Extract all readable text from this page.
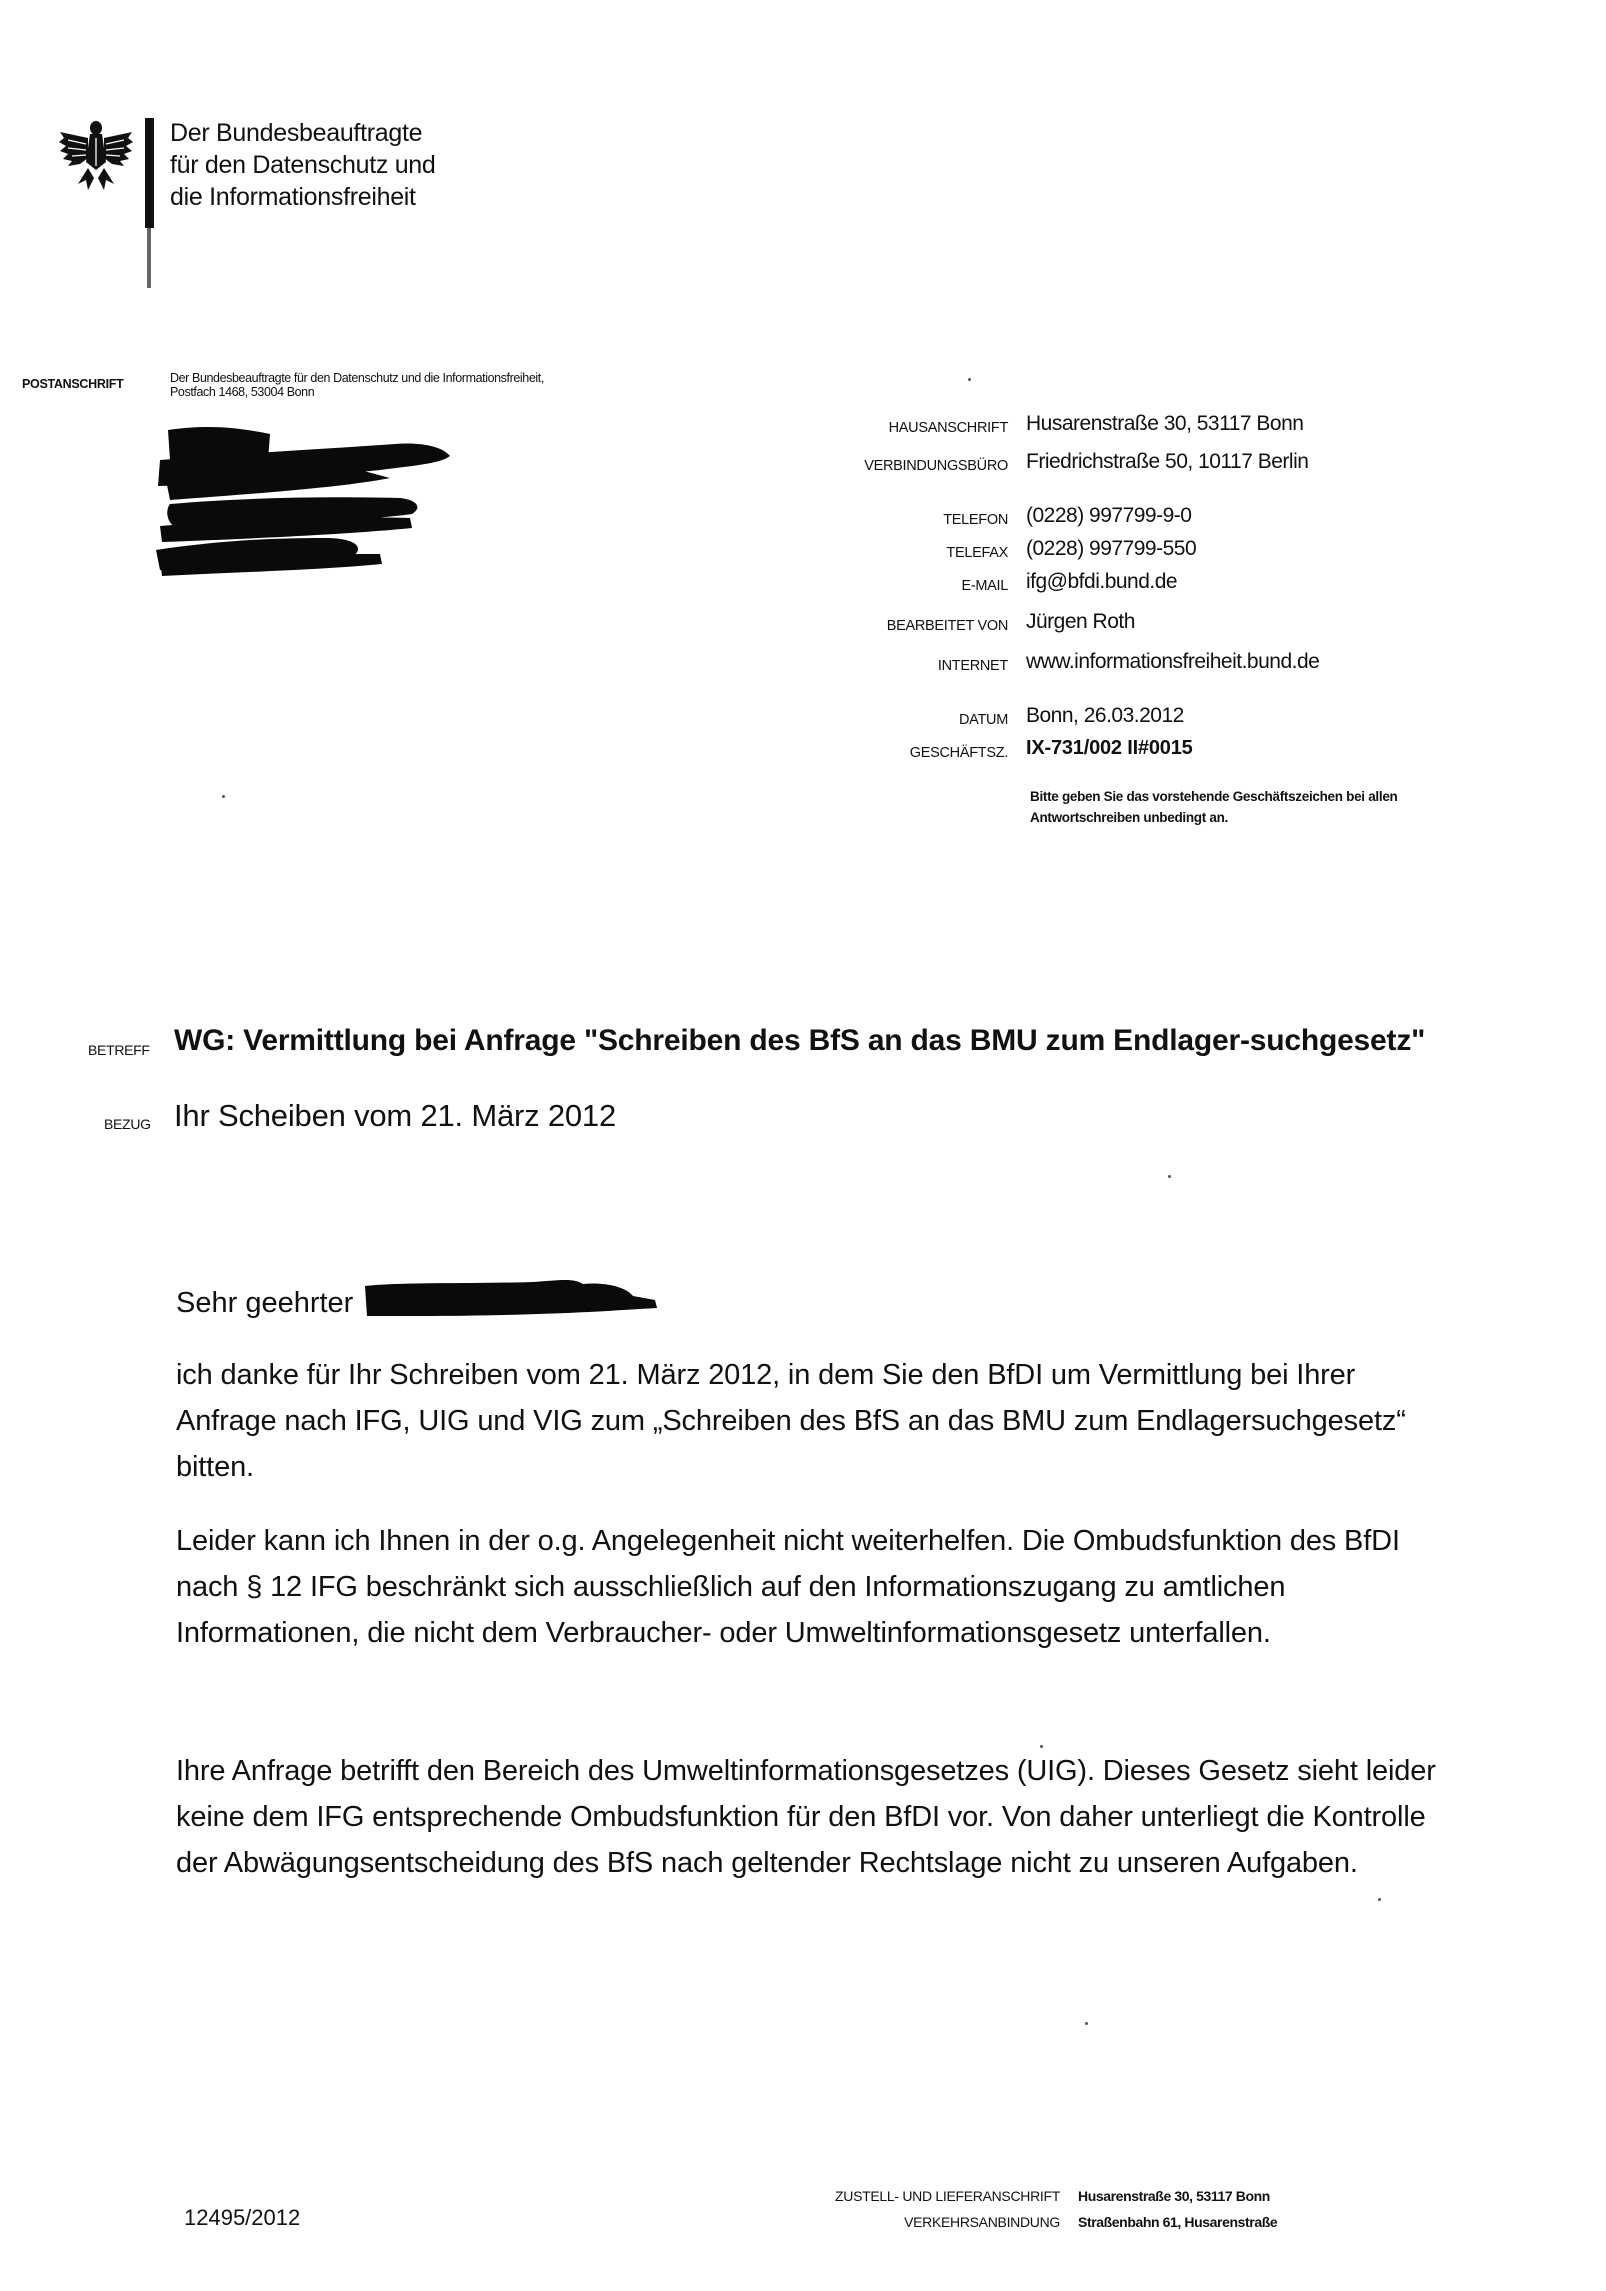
Der Bundesbeauftragte
für den Datenschutz und
die Informationsfreiheit
POSTANSCHRIFT	Der Bundesbeauftragte für den Datenschutz und die Informationsfreiheit,
Postfach 1468, 53004 Bonn
HAUSANSCHRIFT Husarenstraße 30, 53117 Bonn
VERBINDUNGSBÜRO Friedrichstraße 50, 10117 Berlin
TELEFON (0228) 997799-9-0
TELEFAX (0228) 997799-550
E-MAIL ifg@bfdi.bund.de
BEARBEITET VON Jürgen Roth
INTERNET www.informationsfreiheit.bund.de
DATUM Bonn, 26.03.2012
GESCHÄFTSZ. IX-731/002 II#0015
Bitte geben Sie das vorstehende Geschäftszeichen bei allen Antwortschreiben unbedingt an.
BETREFF WG: Vermittlung bei Anfrage "Schreiben des BfS an das BMU zum Endlager-suchgesetz"
BEZUG Ihr Scheiben vom 21. März 2012
Sehr geehrter
ich danke für Ihr Schreiben vom 21. März 2012, in dem Sie den BfDI um Vermittlung bei Ihrer Anfrage nach IFG, UIG und VIG zum „Schreiben des BfS an das BMU zum Endlagersuchgesetz“ bitten.
Leider kann ich Ihnen in der o.g. Angelegenheit nicht weiterhelfen. Die Ombudsfunktion des BfDI nach § 12 IFG beschränkt sich ausschließlich auf den Informationszugang zu amtlichen Informationen, die nicht dem Verbraucher- oder Umweltinformationsgesetz unterfallen.
Ihre Anfrage betrifft den Bereich des Umweltinformationsgesetzes (UIG). Dieses Gesetz sieht leider keine dem IFG entsprechende Ombudsfunktion für den BfDI vor. Von daher unterliegt die Kontrolle der Abwägungsentscheidung des BfS nach geltender Rechtslage nicht zu unseren Aufgaben.
12495/2012
ZUSTELL- UND LIEFERANSCHRIFT Husarenstraße 30, 53117 Bonn
VERKEHRSANBINDUNG Straßenbahn 61, Husarenstraße
